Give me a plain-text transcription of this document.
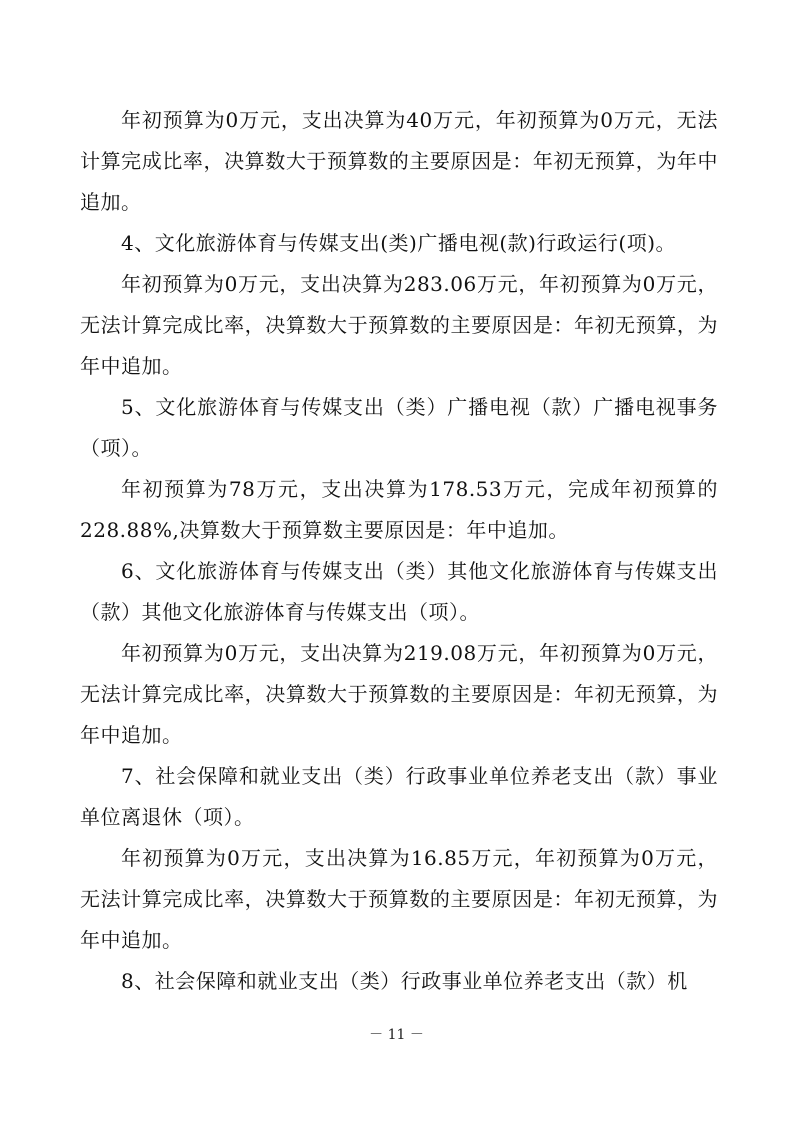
年初预算为0万元，支出决算为40万元，年初预算为0万元，无法计算完成比率，决算数大于预算数的主要原因是：年初无预算，为年中追加。

4、文化旅游体育与传媒支出(类)广播电视(款)行政运行(项)。

年初预算为0万元，支出决算为283.06万元，年初预算为0万元，无法计算完成比率，决算数大于预算数的主要原因是：年初无预算，为年中追加。

5、文化旅游体育与传媒支出（类）广播电视（款）广播电视事务（项）。

年初预算为78万元，支出决算为178.53万元，完成年初预算的228.88%,决算数大于预算数主要原因是：年中追加。

6、文化旅游体育与传媒支出（类）其他文化旅游体育与传媒支出（款）其他文化旅游体育与传媒支出（项）。

年初预算为0万元，支出决算为219.08万元，年初预算为0万元，无法计算完成比率，决算数大于预算数的主要原因是：年初无预算，为年中追加。

7、社会保障和就业支出（类）行政事业单位养老支出（款）事业单位离退休（项）。

年初预算为0万元，支出决算为16.85万元，年初预算为0万元，无法计算完成比率，决算数大于预算数的主要原因是：年初无预算，为年中追加。

8、社会保障和就业支出（类）行政事业单位养老支出（款）机

－ 11 －
